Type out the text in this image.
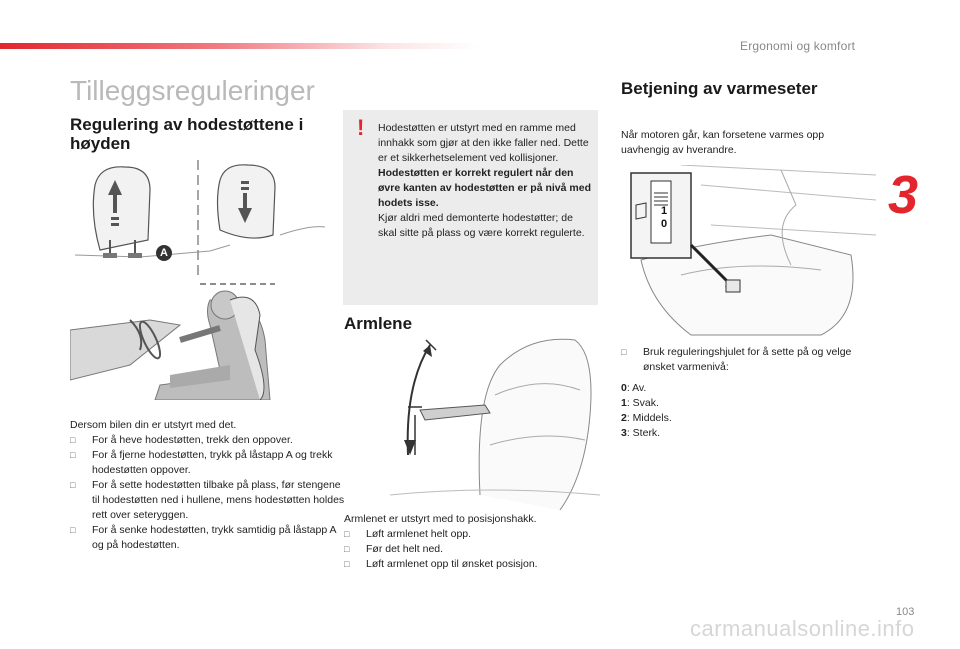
Ergonomi og komfort
3
Tilleggsreguleringer
Regulering av hodestøttene i høyden
A
Dersom bilen din er utstyrt med det.
□ For å heve hodestøtten, trekk den oppover.
□ For å fjerne hodestøtten, trykk på låstapp A og trekk hodestøtten oppover.
□ For å sette hodestøtten tilbake på plass, før stengene til hodestøtten ned i hullene, mens hodestøtten holdes rett over seteryggen.
□ For å senke hodestøtten, trykk samtidig på låstapp A og på hodestøtten.
! Hodestøtten er utstyrt med en ramme med innhakk som gjør at den ikke faller ned. Dette er et sikkerhetselement ved kollisjoner.
Hodestøtten er korrekt regulert når den øvre kanten av hodestøtten er på nivå med hodets isse.
Kjør aldri med demonterte hodestøtter; de skal sitte på plass og være korrekt regulerte.
Armlene
Armlenet er utstyrt med to posisjonshakk.
□ Løft armlenet helt opp.
□ Før det helt ned.
□ Løft armlenet opp til ønsket posisjon.
Betjening av varmeseter
Når motoren går, kan forsetene varmes opp uavhengig av hverandre.
1
0
□ Bruk reguleringshjulet for å sette på og velge ønsket varmenivå:
0: Av.
1: Svak.
2: Middels.
3: Sterk.
103
carmanualsonline.info
